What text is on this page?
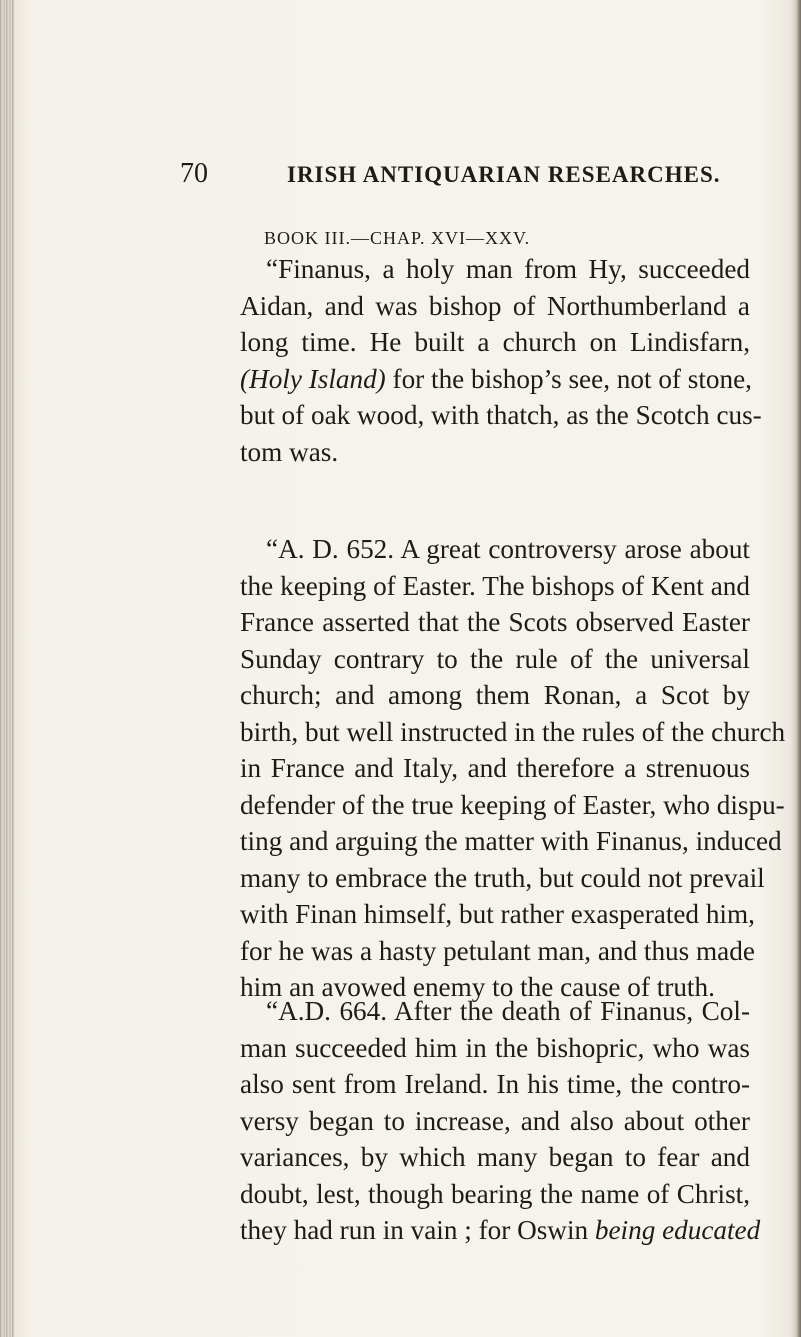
70	IRISH ANTIQUARIAN RESEARCHES.
BOOK III.—CHAP. XVI—XXV.
“Finanus, a holy man from Hy, succeeded
Aidan, and was bishop of Northumberland a
long time. He built a church on Lindisfarn,
(Holy Island) for the bishop’s see, not of stone,
but of oak wood, with thatch, as the Scotch cus-
tom was.
“A. D. 652. A great controversy arose about
the keeping of Easter. The bishops of Kent and
France asserted that the Scots observed Easter
Sunday contrary to the rule of the universal
church; and among them Ronan, a Scot by
birth, but well instructed in the rules of the church
in France and Italy, and therefore a strenuous
defender of the true keeping of Easter, who dispu-
ting and arguing the matter with Finanus, induced
many to embrace the truth, but could not prevail
with Finan himself, but rather exasperated him,
for he was a hasty petulant man, and thus made
him an avowed enemy to the cause of truth.
“A.D. 664. After the death of Finanus, Col-
man succeeded him in the bishopric, who was
also sent from Ireland. In his time, the contro-
versy began to increase, and also about other
variances, by which many began to fear and
doubt, lest, though bearing the name of Christ,
they had run in vain ; for Oswin being educated
